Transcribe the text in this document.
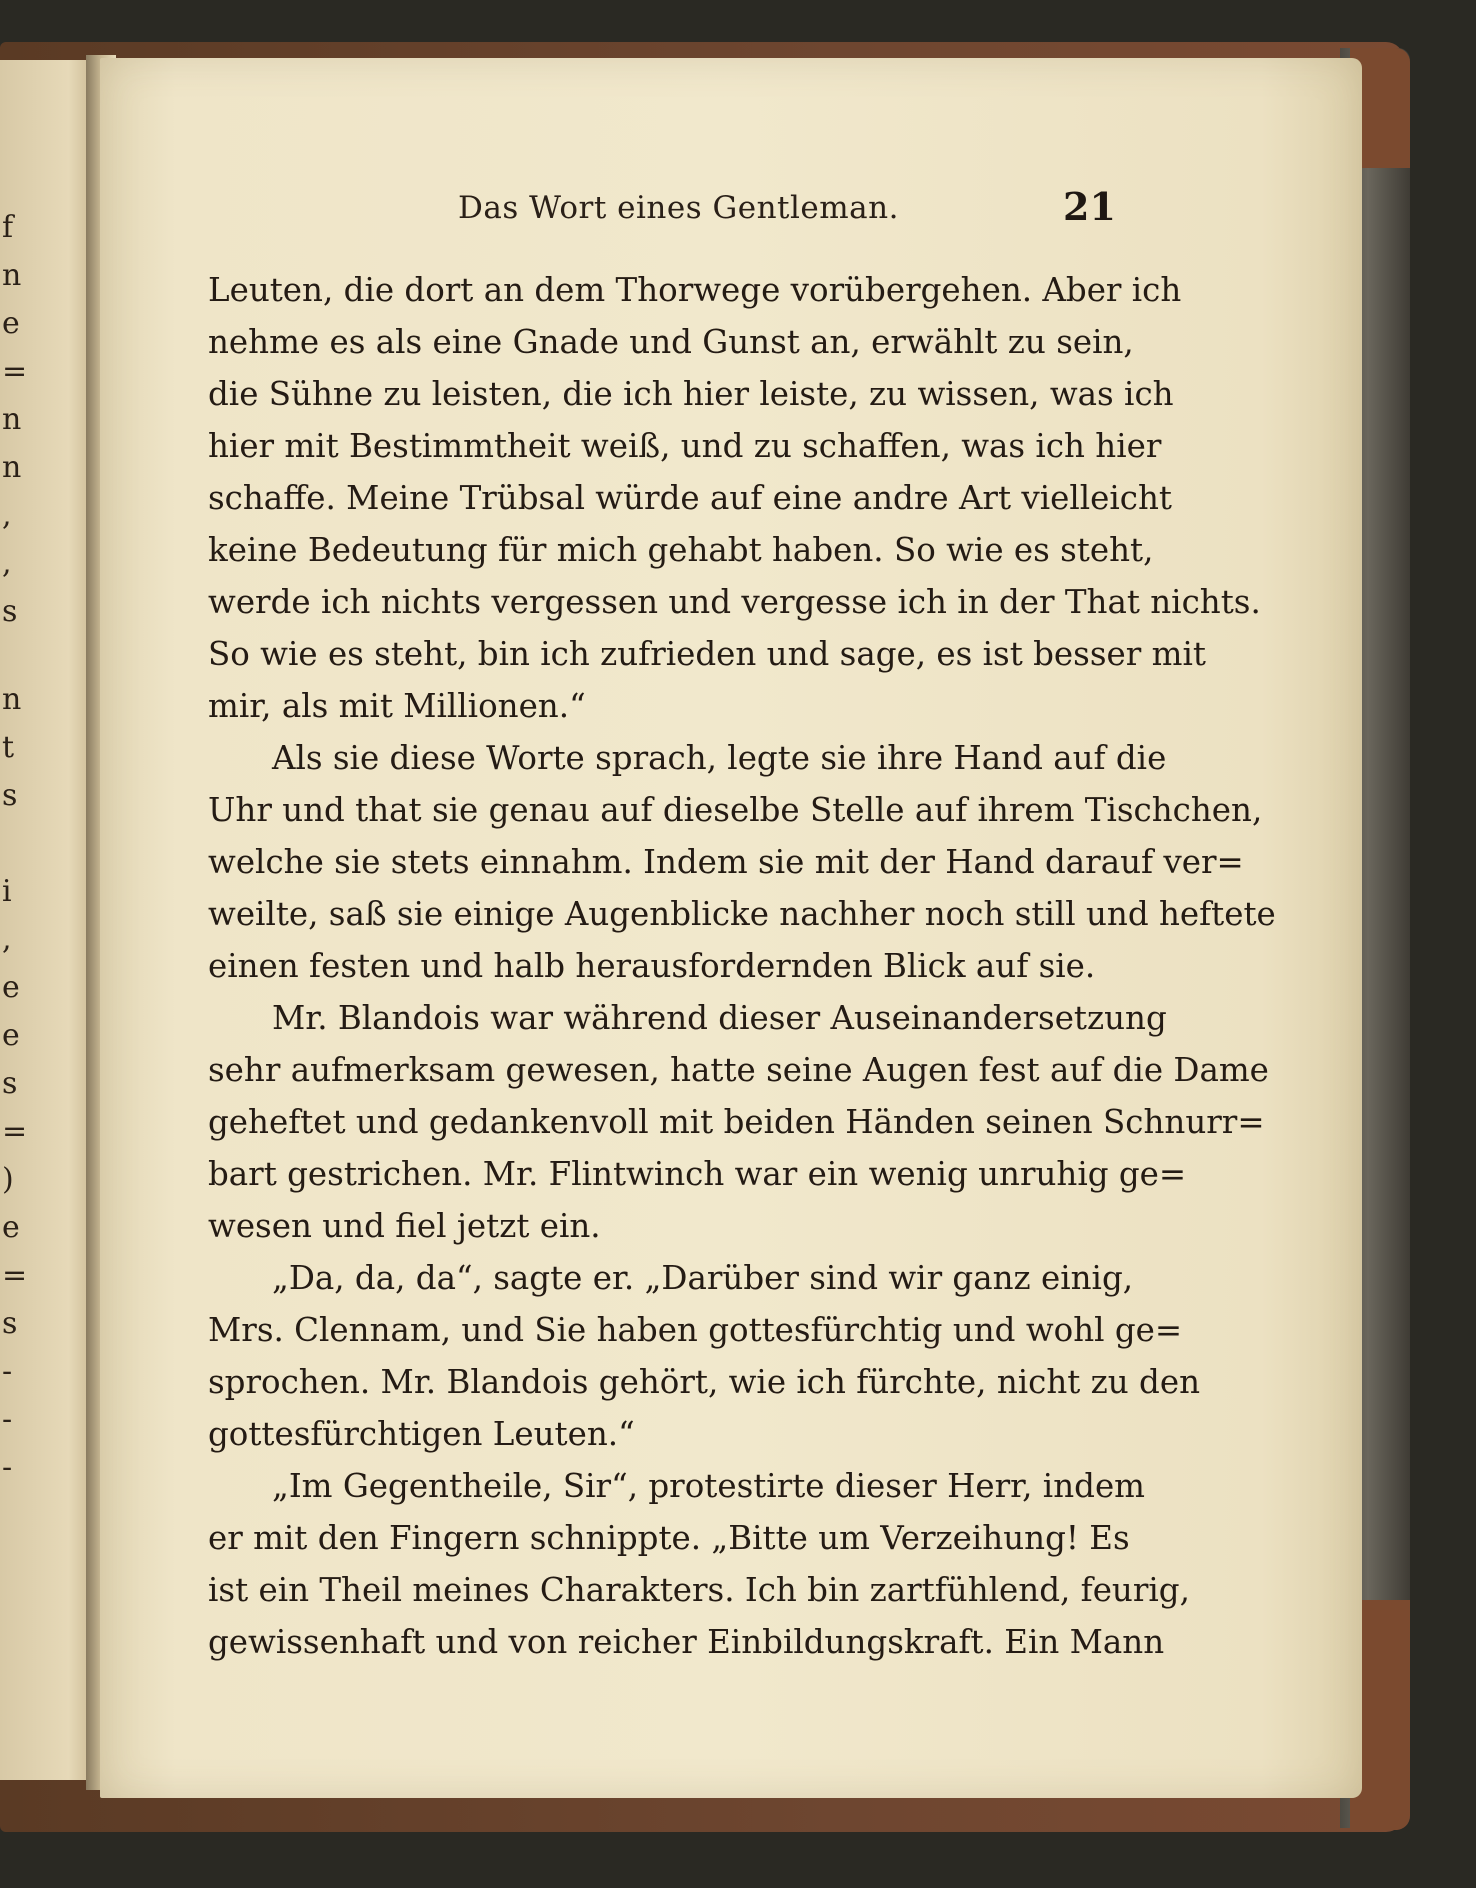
f
n
e
=
n
n
,
,
s
n
t
s
i
,
e
e
s
=
)
e
=
s
-
-
-
Das Wort eines Gentleman.	21
Leuten, die dort an dem Thorwege vorübergehen. Aber ich
nehme es als eine Gnade und Gunst an, erwählt zu sein,
die Sühne zu leisten, die ich hier leiste, zu wissen, was ich
hier mit Bestimmtheit weiß, und zu schaffen, was ich hier
schaffe. Meine Trübsal würde auf eine andre Art vielleicht
keine Bedeutung für mich gehabt haben. So wie es steht,
werde ich nichts vergessen und vergesse ich in der That nichts.
So wie es steht, bin ich zufrieden und sage, es ist besser mit
mir, als mit Millionen.“
Als sie diese Worte sprach, legte sie ihre Hand auf die
Uhr und that sie genau auf dieselbe Stelle auf ihrem Tischchen,
welche sie stets einnahm. Indem sie mit der Hand darauf ver=
weilte, saß sie einige Augenblicke nachher noch still und heftete
einen festen und halb herausfordernden Blick auf sie.
Mr. Blandois war während dieser Auseinandersetzung
sehr aufmerksam gewesen, hatte seine Augen fest auf die Dame
geheftet und gedankenvoll mit beiden Händen seinen Schnurr=
bart gestrichen. Mr. Flintwinch war ein wenig unruhig ge=
wesen und fiel jetzt ein.
„Da, da, da“, sagte er. „Darüber sind wir ganz einig,
Mrs. Clennam, und Sie haben gottesfürchtig und wohl ge=
sprochen. Mr. Blandois gehört, wie ich fürchte, nicht zu den
gottesfürchtigen Leuten.“
„Im Gegentheile, Sir“, protestirte dieser Herr, indem
er mit den Fingern schnippte. „Bitte um Verzeihung! Es
ist ein Theil meines Charakters. Ich bin zartfühlend, feurig,
gewissenhaft und von reicher Einbildungskraft. Ein Mann
